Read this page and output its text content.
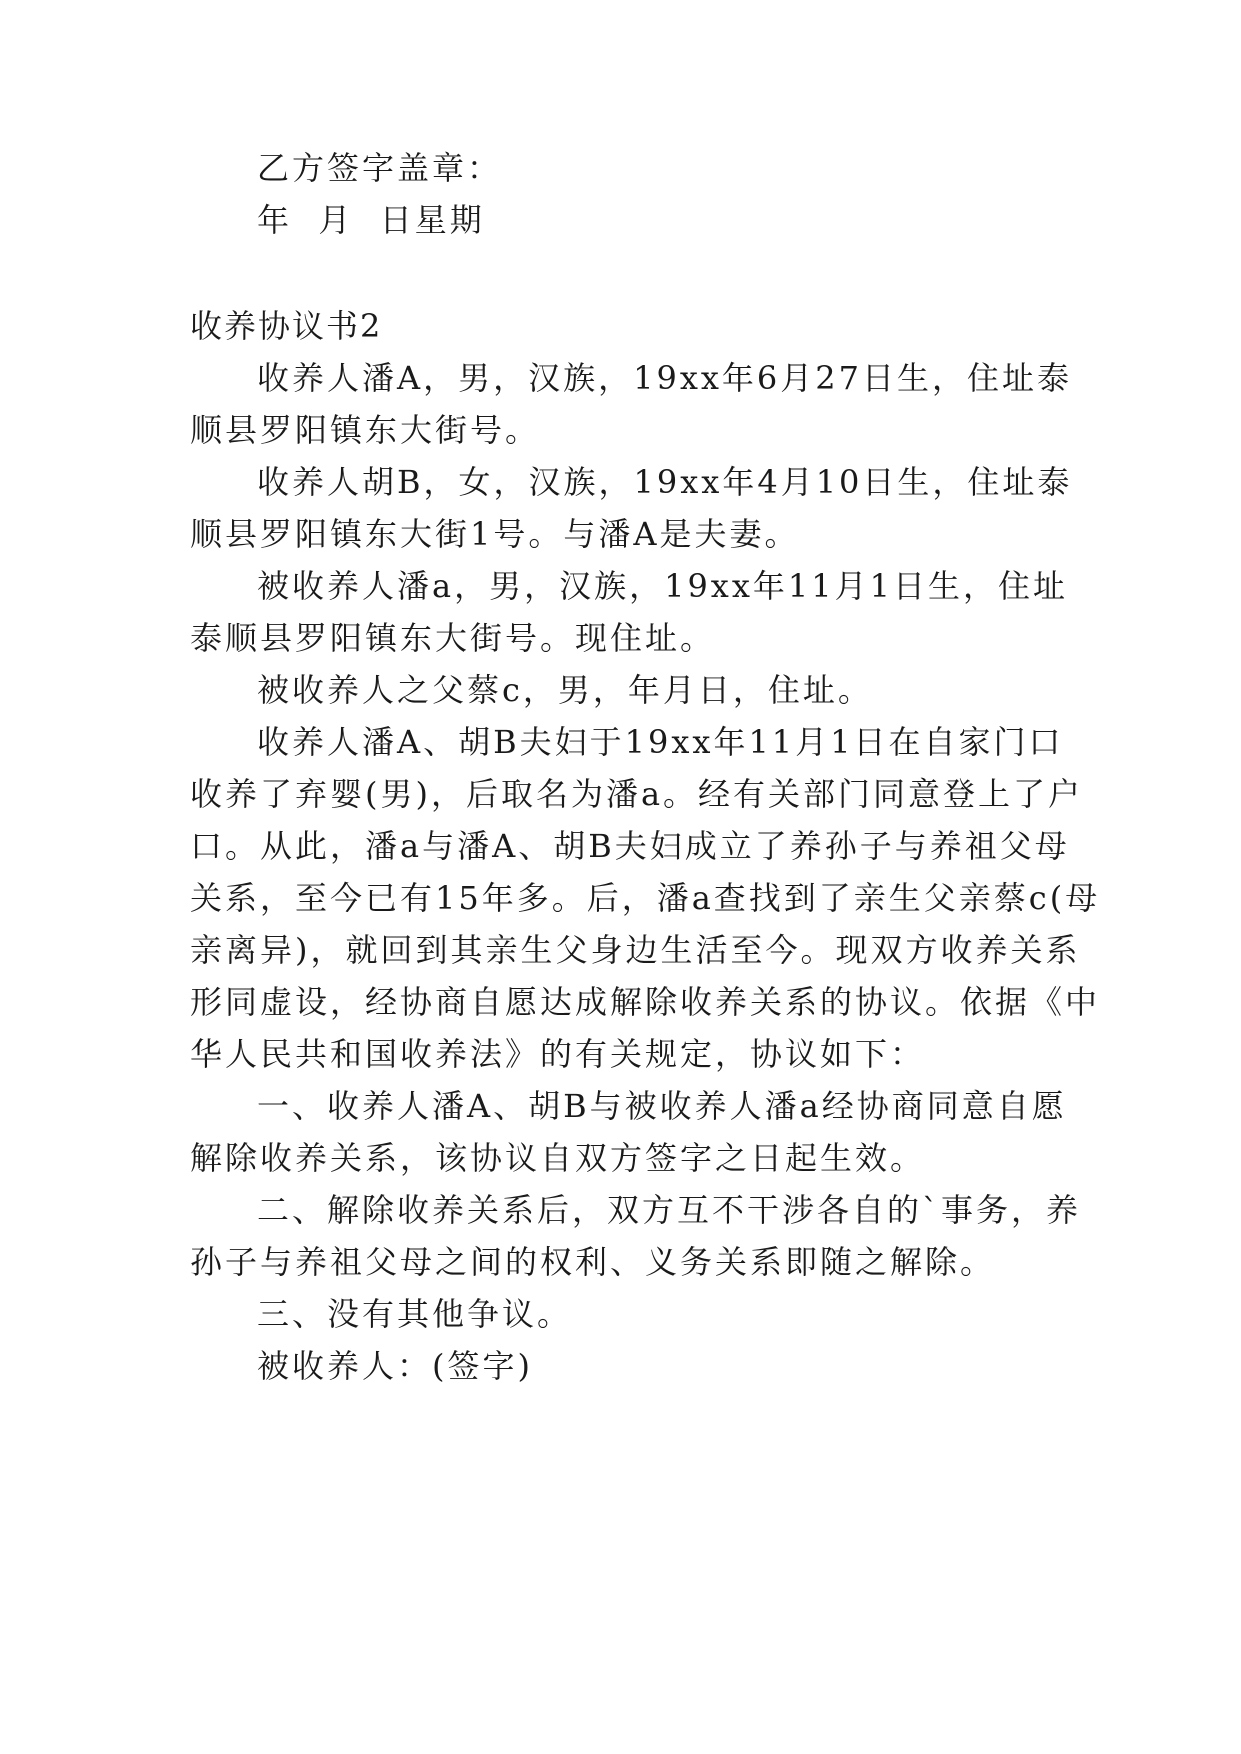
乙方签字盖章：
年  月  日星期
收养协议书2
收养人潘A，男，汉族，19xx年6月27日生，住址泰
顺县罗阳镇东大街号。
收养人胡B，女，汉族，19xx年4月10日生，住址泰
顺县罗阳镇东大街1号。与潘A是夫妻。
被收养人潘a，男，汉族，19xx年11月1日生，住址
泰顺县罗阳镇东大街号。现住址。
被收养人之父蔡c，男，年月日，住址。
收养人潘A、胡B夫妇于19xx年11月1日在自家门口
收养了弃婴(男)，后取名为潘a。经有关部门同意登上了户
口。从此，潘a与潘A、胡B夫妇成立了养孙子与养祖父母
关系，至今已有15年多。后，潘a查找到了亲生父亲蔡c(母
亲离异)，就回到其亲生父身边生活至今。现双方收养关系
形同虚设，经协商自愿达成解除收养关系的协议。依据《中
华人民共和国收养法》的有关规定，协议如下：
一、收养人潘A、胡B与被收养人潘a经协商同意自愿
解除收养关系，该协议自双方签字之日起生效。
二、解除收养关系后，双方互不干涉各自的`事务，养
孙子与养祖父母之间的权利、义务关系即随之解除。
三、没有其他争议。
被收养人：(签字)
